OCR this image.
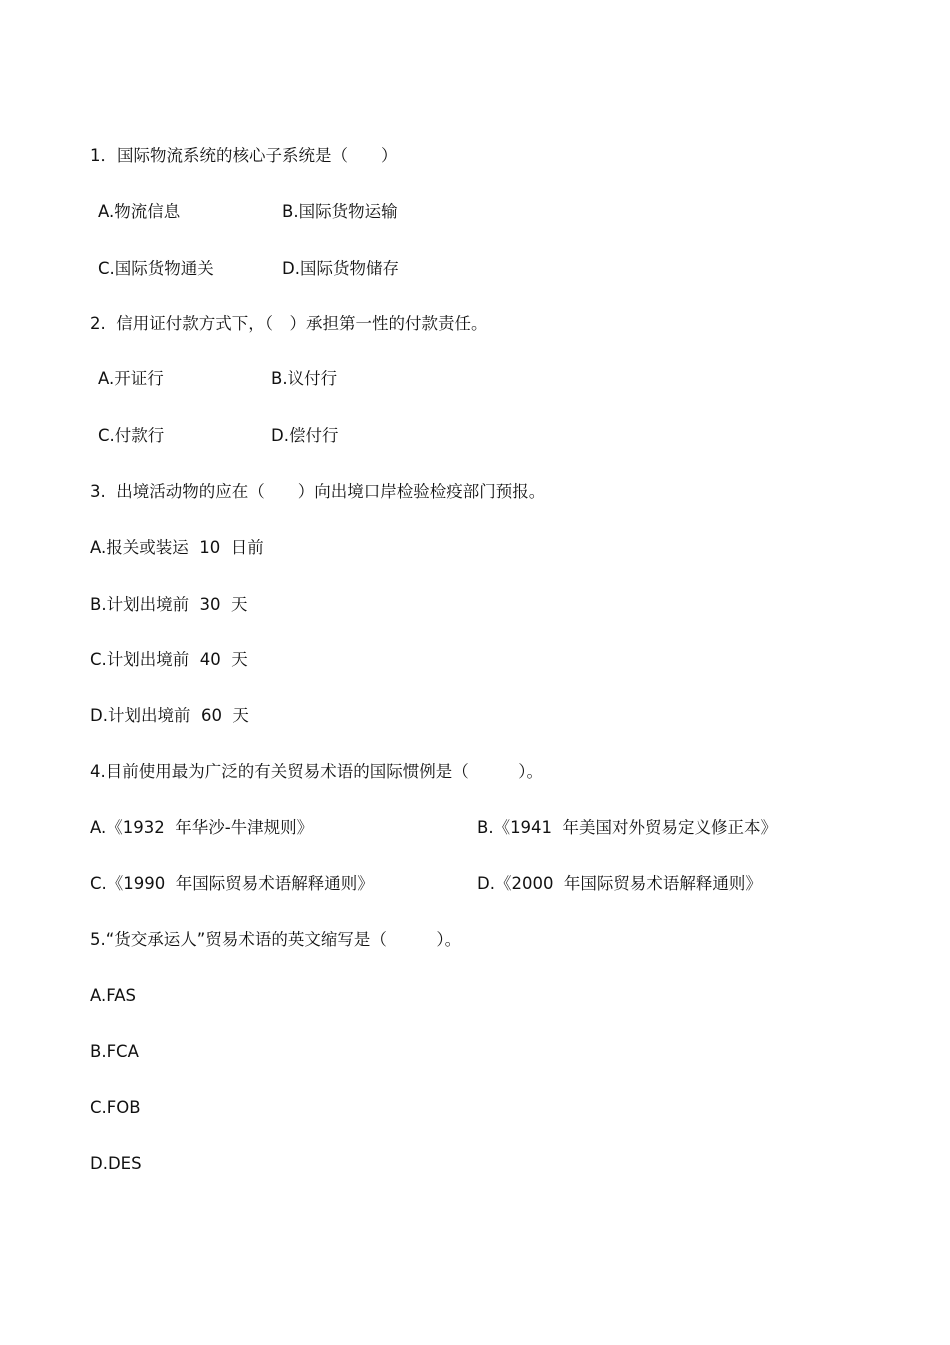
1．国际物流系统的核心子系统是（　　）
A.物流信息	B.国际货物运输
C.国际货物通关	D.国际货物储存
2.  信用证付款方式下，（　）承担第一性的付款责任。
A.开证行	B.议付行
C.付款行	D.偿付行
3.  出境活动物的应在（　　）向出境口岸检验检疫部门预报。
A.报关或装运  10  日前
B.计划出境前  30  天
C.计划出境前  40  天
D.计划出境前  60  天
4.目前使用最为广泛的有关贸易术语的国际惯例是（　　　）。
A.《1932  年华沙-牛津规则》	B.《1941  年美国对外贸易定义修正本》
C.《1990  年国际贸易术语解释通则》	D.《2000  年国际贸易术语解释通则》
5.“货交承运人”贸易术语的英文缩写是（　　　）。
A.FAS
B.FCA
C.FOB
D.DES
